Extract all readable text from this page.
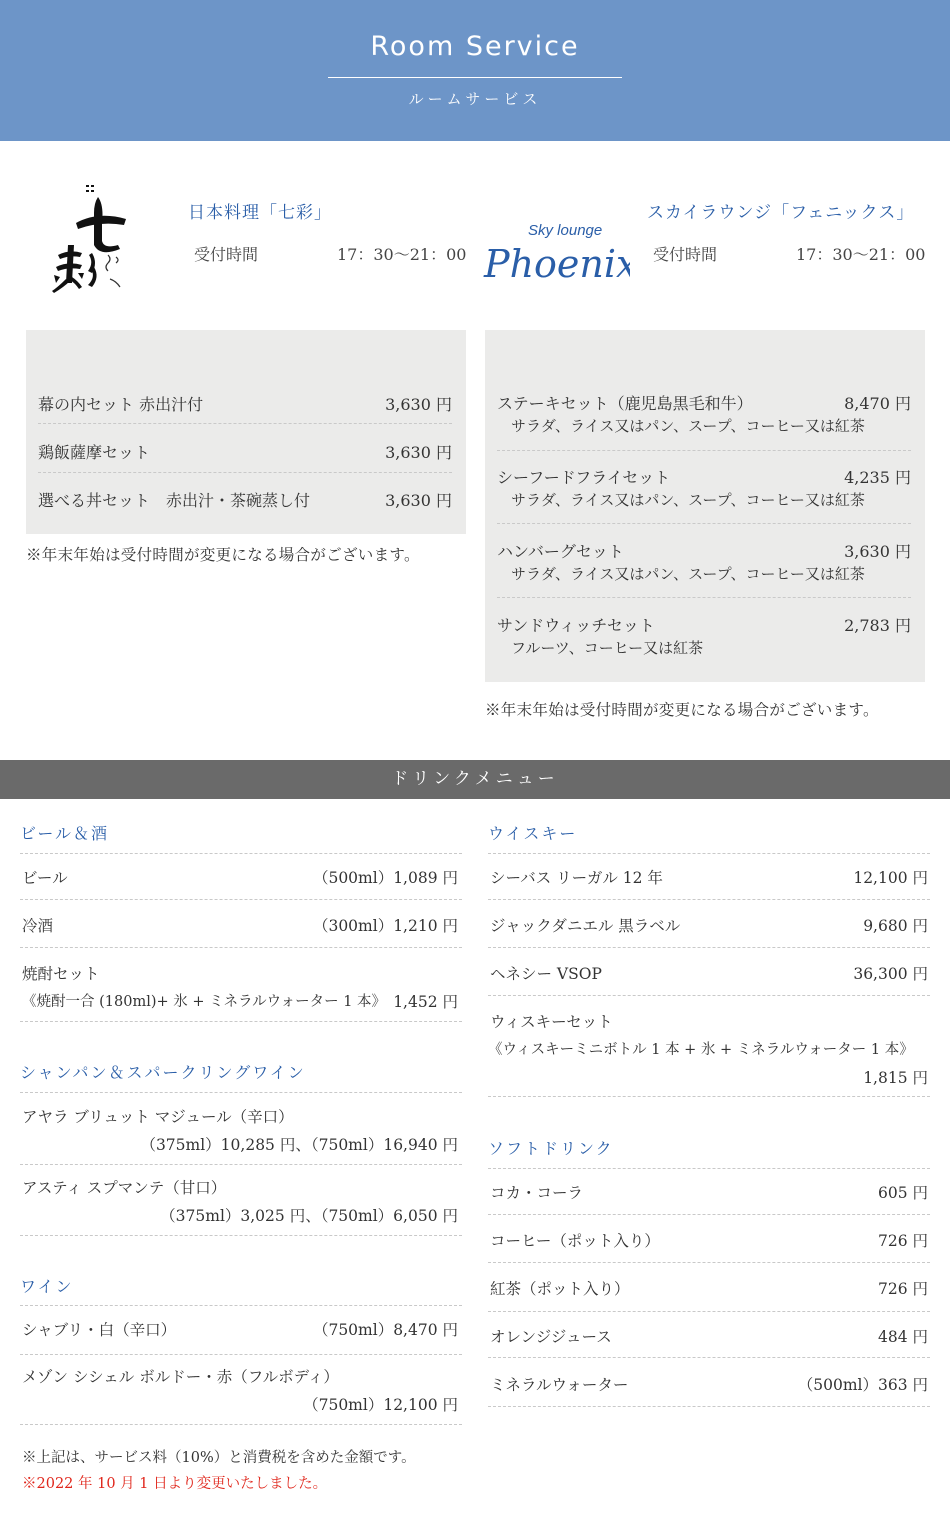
Room Service
ルームサービス
日本料理「七彩」
受付時間	17：30〜21：00
Sky lounge
Phoenix
スカイラウンジ「フェニックス」
受付時間	17：30〜21：00
幕の内セット 赤出汁付	3,630 円
鶏飯薩摩セット	3,630 円
選べる丼セット　赤出汁・茶碗蒸し付	3,630 円
※年末年始は受付時間が変更になる場合がございます。
ステーキセット（鹿児島黒毛和牛）	8,470 円
サラダ、ライス又はパン、スープ、コーヒー又は紅茶
シーフードフライセット	4,235 円
サラダ、ライス又はパン、スープ、コーヒー又は紅茶
ハンバーグセット	3,630 円
サラダ、ライス又はパン、スープ、コーヒー又は紅茶
サンドウィッチセット	2,783 円
フルーツ、コーヒー又は紅茶
※年末年始は受付時間が変更になる場合がございます。
ドリンクメニュー
ビール＆酒
ビール	（500ml）1,089 円
冷酒	（300ml）1,210 円
焼酎セット
《焼酎一合 (180ml)+ 氷 + ミネラルウォーター 1 本》 1,452 円
シャンパン＆スパークリングワイン
アヤラ ブリュット マジュール（辛口）
（375ml）10,285 円、（750ml）16,940 円
アスティ スプマンテ（甘口）
（375ml）3,025 円、（750ml）6,050 円
ワイン
シャブリ・白（辛口）	（750ml）8,470 円
メゾン シシェル ボルドー・赤（フルボディ）
（750ml）12,100 円
※上記は、サービス料（10%）と消費税を含めた金額です。
※2022 年 10 月 1 日より変更いたしました。
ウイスキー
シーバス リーガル 12 年	12,100 円
ジャックダニエル 黒ラベル	9,680 円
ヘネシー VSOP	36,300 円
ウィスキーセット
《ウィスキーミニボトル 1 本 + 氷 + ミネラルウォーター 1 本》
1,815 円
ソフトドリンク
コカ・コーラ	605 円
コーヒー（ポット入り）	726 円
紅茶（ポット入り）	726 円
オレンジジュース	484 円
ミネラルウォーター	（500ml）363 円
